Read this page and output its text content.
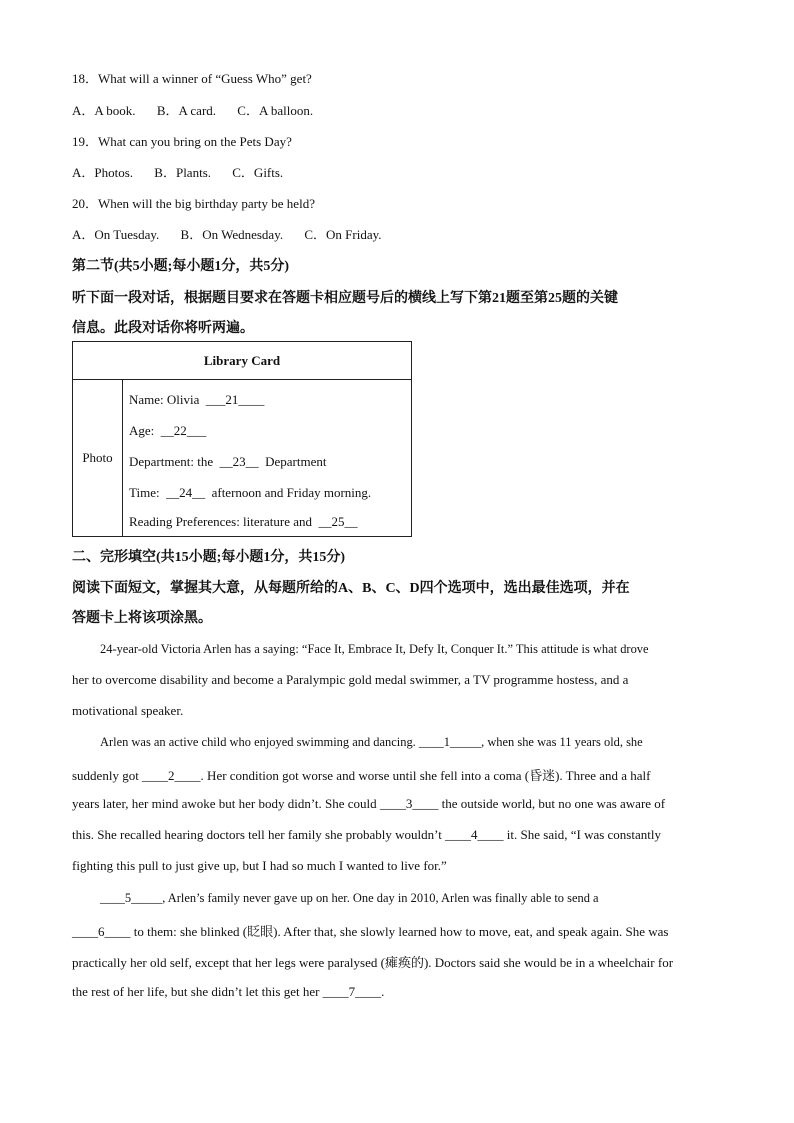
18．What will a winner of “Guess Who” get?
A．A book. B．A card. C．A balloon.
19．What can you bring on the Pets Day?
A．Photos. B．Plants. C．Gifts.
20．When will the big birthday party be held?
A．On Tuesday. B．On Wednesday. C．On Friday.
第二节(共5小题;每小题1分，共5分)
听下面一段对话，根据题目要求在答题卡相应题号后的横线上写下第21题至第25题的关键
信息。此段对话你将听两遍。
Library Card
Photo	
Name: Olivia ___21____
Age: __22___
Department: the __23__ Department
Time: __24__ afternoon and Friday morning.
Reading Preferences: literature and __25__
二、完形填空(共15小题;每小题1分，共15分)
阅读下面短文，掌握其大意，从每题所给的A、B、C、D四个选项中，选出最佳选项，并在
答题卡上将该项涂黑。
24-year-old Victoria Arlen has a saying: “Face It, Embrace It, Defy It, Conquer It.” This attitude is what drove
her to overcome disability and become a Paralympic gold medal swimmer, a TV programme hostess, and a
motivational speaker.
Arlen was an active child who enjoyed swimming and dancing. ____1_____, when she was 11 years old, she
suddenly got ____2____. Her condition got worse and worse until she fell into a coma (昏迷). Three and a half
years later, her mind awoke but her body didn’t. She could ____3____ the outside world, but no one was aware of
this. She recalled hearing doctors tell her family she probably wouldn’t ____4____ it. She said, “I was constantly
fighting this pull to just give up, but I had so much I wanted to live for.”
____5_____, Arlen’s family never gave up on her. One day in 2010, Arlen was finally able to send a
____6____ to them: she blinked (眨眼). After that, she slowly learned how to move, eat, and speak again. She was
practically her old self, except that her legs were paralysed (瘫痪的). Doctors said she would be in a wheelchair for
the rest of her life, but she didn’t let this get her ____7____.
